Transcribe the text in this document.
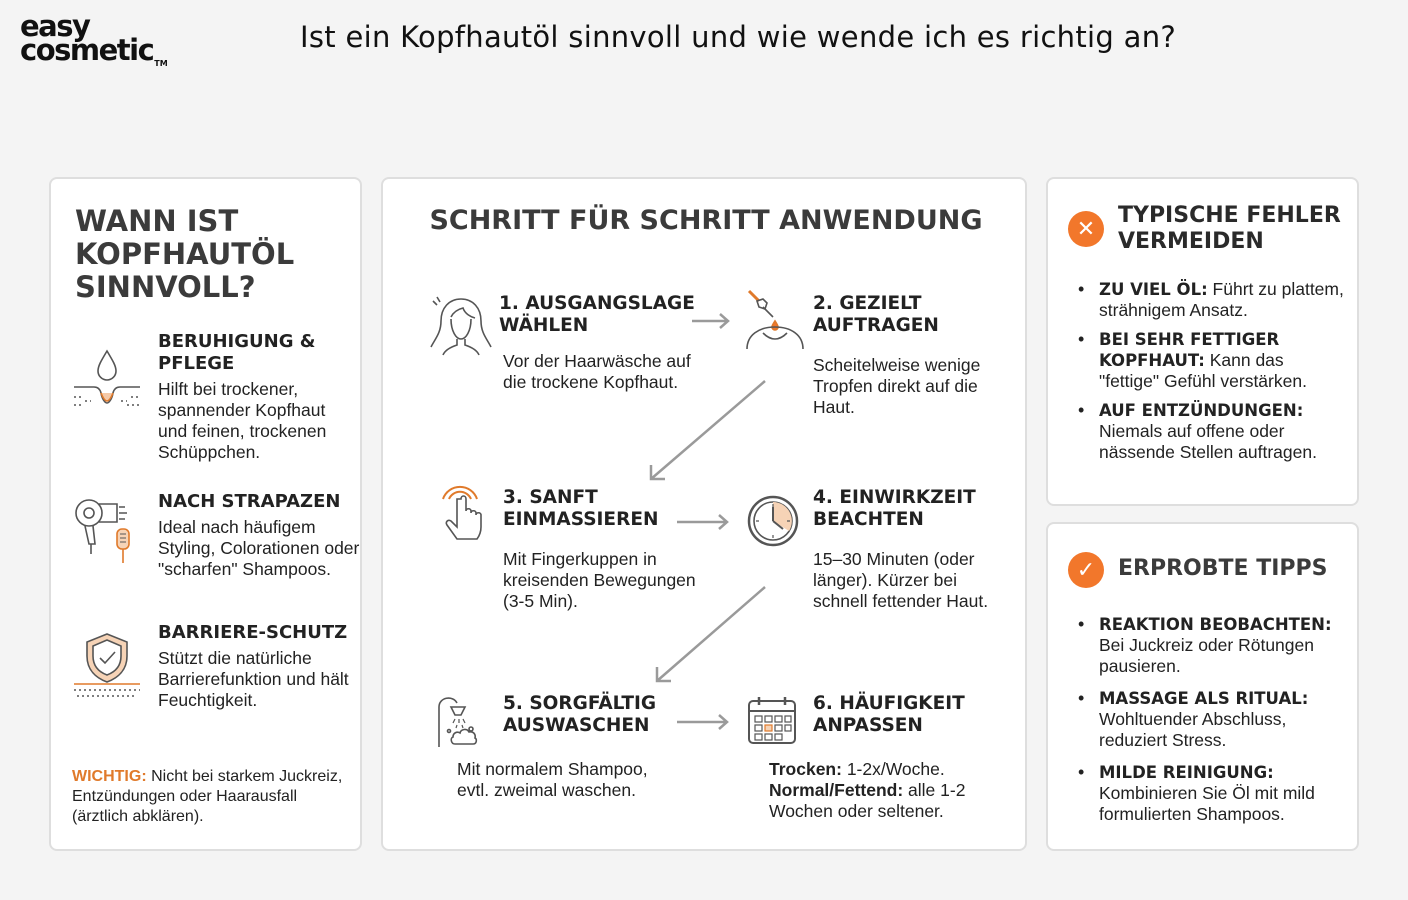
easy
cosmetic™
Ist ein Kopfhautöl sinnvoll und wie wende ich es richtig an?
WANN IST KOPFHAUTÖL SINNVOLL?
BERUHIGUNG & PFLEGE
Hilft bei trockener,
spannender Kopfhaut
und feinen, trockenen
Schüppchen.
NACH STRAPAZEN
Ideal nach häufigem
Styling, Colorationen oder
"scharfen" Shampoos.
BARRIERE-SCHUTZ
Stützt die natürliche
Barrierefunktion und hält
Feuchtigkeit.
WICHTIG: Nicht bei starkem Juckreiz, Entzündungen oder Haarausfall (ärztlich abklären).
SCHRITT FÜR SCHRITT ANWENDUNG
1. AUSGANGSLAGE WÄHLEN
Vor der Haarwäsche auf
die trockene Kopfhaut.
2. GEZIELT AUFTRAGEN
Scheitelweise wenige
Tropfen direkt auf die
Haut.
3. SANFT EINMASSIEREN
Mit Fingerkuppen in
kreisenden Bewegungen
(3-5 Min).
4. EINWIRKZEIT BEACHTEN
15–30 Minuten (oder
länger). Kürzer bei
schnell fettender Haut.
5. SORGFÄLTIG AUSWASCHEN
Mit normalem Shampoo,
evtl. zweimal waschen.
6. HÄUFIGKEIT ANPASSEN
Trocken: 1-2x/Woche.
Normal/Fettend: alle 1-2 Wochen oder seltener.
✕
TYPISCHE FEHLER VERMEIDEN
• ZU VIEL ÖL: Führt zu plattem, strähnigem Ansatz.
• BEI SEHR FETTIGER KOPFHAUT: Kann das "fettige" Gefühl verstärken.
• AUF ENTZÜNDUNGEN: Niemals auf offene oder nässende Stellen auftragen.
✓	ERPROBTE TIPPS
• REAKTION BEOBACHTEN: Bei Juckreiz oder Rötungen pausieren.
• MASSAGE ALS RITUAL: Wohltuender Abschluss, reduziert Stress.
• MILDE REINIGUNG: Kombinieren Sie Öl mit mild formulierten Shampoos.
